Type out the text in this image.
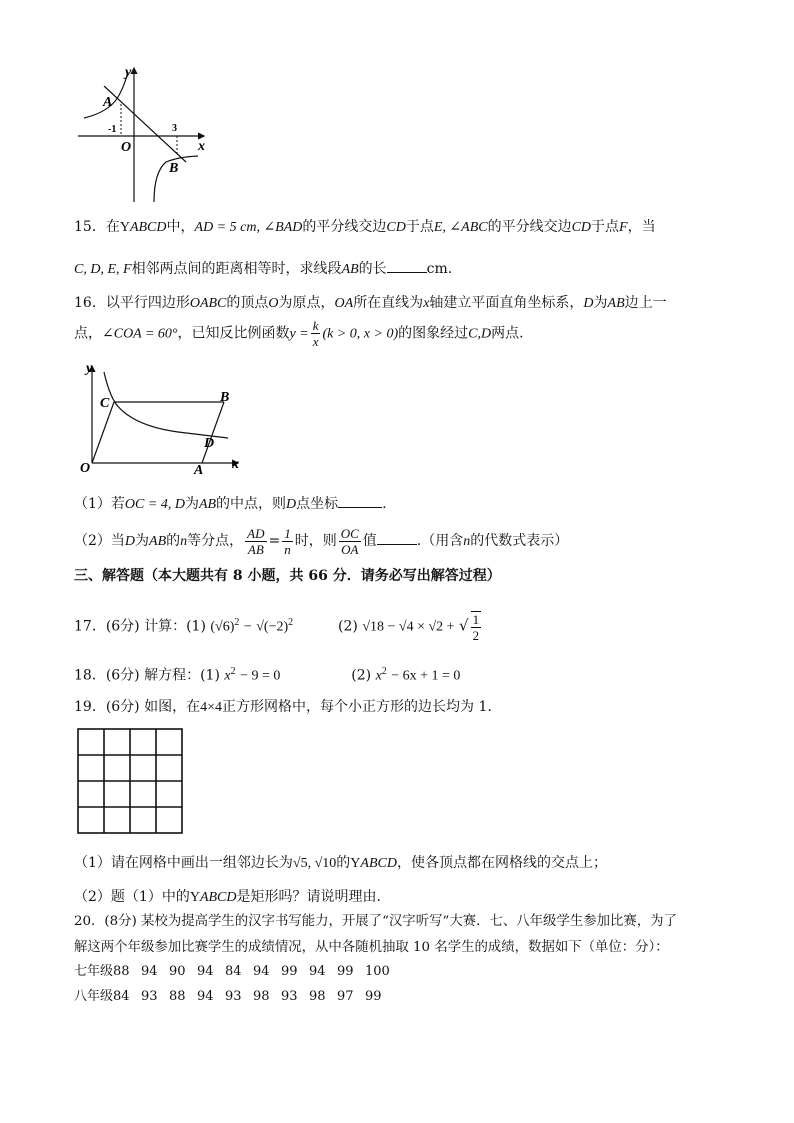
y
x
A
B
O
-1	3
15．在YABCD中，AD = 5 cm, ∠BAD的平分线交边CD于点E, ∠ABC的平分线交边CD于点F，当
C, D, E, F相邻两点间的距离相等时，求线段AB的长	cm.
16．以平行四边形OABC的顶点O为原点，OA所在直线为x轴建立平面直角坐标系，D为AB边上一
点，∠COA = 60°，已知反比例函数$y = \frac{k}{x} (k > 0$, x > 0)的图象经过C,D两点.
y
x
O	A
B
C
D
（1）若OC = 4, D为AB的中点，则D点坐标	.
（2）当D为AB的n等分点， $\frac{AD}{AB} = \frac{1}{n}$ 时，则 $\frac{OC}{OA}$ 值	.（用含n的代数式表示）
三、解答题（本大题共有 8 小题，共 66 分．请务必写出解答过程）
17．(6分) 计算：(1) $(√6)^2 - √(-2)^2$	(2) √18 − √4 × √2 + √ $\frac{1}{2}$
18．(6分) 解方程：(1) $x^2 - 9 = 0$	(2) $x^2 - 6x + 1 = 0$
19．(6分) 如图，在4×4正方形网格中，每个小正方形的边长均为 1.
（1）请在网格中画出一组邻边长为√5, √10的YABCD，使各顶点都在网格线的交点上；
（2）题（1）中的YABCD是矩形吗？请说明理由.
20．(8分) 某校为提高学生的汉字书写能力，开展了“汉字听写”大赛．七、八年级学生参加比赛，为了
解这两个年级参加比赛学生的成绩情况，从中各随机抽取 10 名学生的成绩，数据如下（单位：分）：
七年级88 94 90 94 84 94 99 94 99 100
八年级84 93 88 94 93 98 93 98 97 99
